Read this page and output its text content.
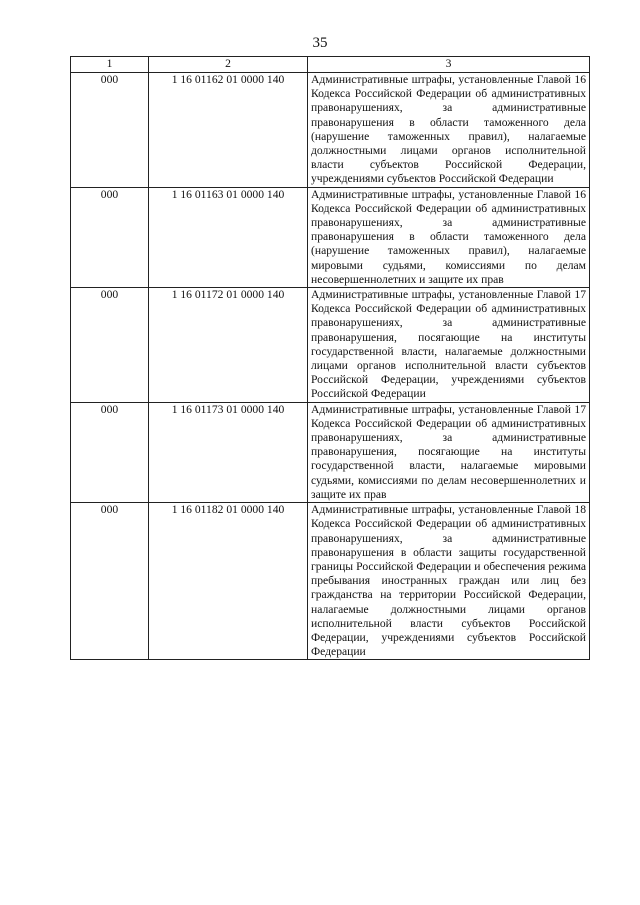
35
1	2	3
000	1 16 01162 01 0000 140	Административные штрафы, установленные Главой 16 Кодекса Российской Федерации об административных правонарушениях, за административные правонарушения в области таможенного дела (нарушение таможенных правил), налагаемые должностными лицами органов исполнительной власти субъектов Российской Федерации, учреждениями субъектов Российской Федерации
000	1 16 01163 01 0000 140	Административные штрафы, установленные Главой 16 Кодекса Российской Федерации об административных правонарушениях, за административные правонарушения в области таможенного дела (нарушение таможенных правил), налагаемые мировыми судьями, комиссиями по делам несовершеннолетних и защите их прав
000	1 16 01172 01 0000 140	Административные штрафы, установленные Главой 17 Кодекса Российской Федерации об административных правонарушениях, за административные правонарушения, посягающие на институты государственной власти, налагаемые должностными лицами органов исполнительной власти субъектов Российской Федерации, учреждениями субъектов Российской Федерации
000	1 16 01173 01 0000 140	Административные штрафы, установленные Главой 17 Кодекса Российской Федерации об административных правонарушениях, за административные правонарушения, посягающие на институты государственной власти, налагаемые мировыми судьями, комиссиями по делам несовершеннолетних и защите их прав
000	1 16 01182 01 0000 140	Административные штрафы, установленные Главой 18 Кодекса Российской Федерации об административных правонарушениях, за административные правонарушения в области защиты государственной границы Российской Федерации и обеспечения режима пребывания иностранных граждан или лиц без гражданства на территории Российской Федерации, налагаемые должностными лицами органов исполнительной власти субъектов Российской Федерации, учреждениями субъектов Российской Федерации
